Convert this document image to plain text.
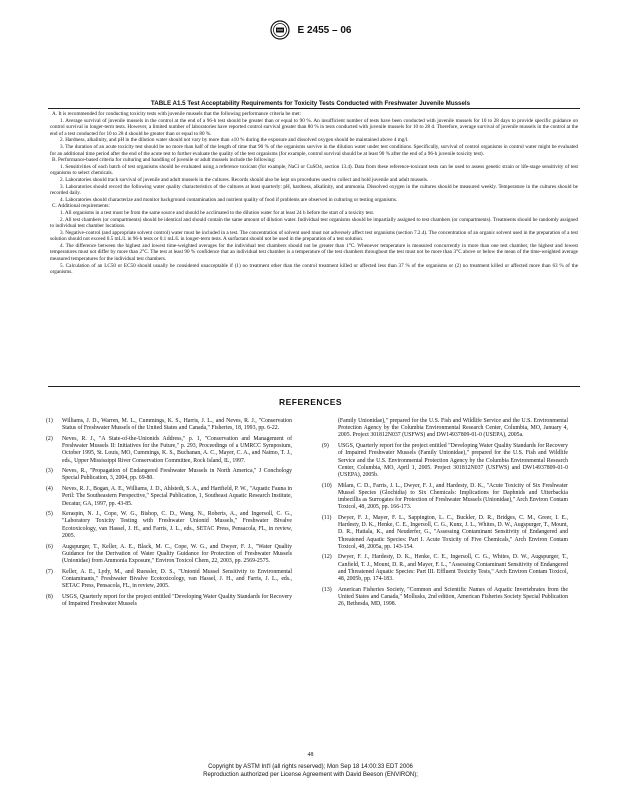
E 2455 – 06
TABLE A1.5 Test Acceptability Requirements for Toxicity Tests Conducted with Freshwater Juvenile Mussels

A. It is recommended for conducting toxicity tests with juvenile mussels that the following performance criteria be met:

1. Average survival of juvenile mussels in the control at the end of a 96-h test should be greater than or equal to 90 %. An insufficient number of tests have been conducted with juvenile mussels for 10 to 28 days to provide specific guidance on control survival in longer-term tests. However, a limited number of laboratories have reported control survival greater than 80 % in tests conducted with juvenile mussels for 10 to 28 d. Therefore, average survival of juvenile mussels in the control at the end of a test conducted for 10 to 28 d should be greater than or equal to 80 %.

2. Hardness, alkalinity, and pH in the dilution water should not vary by more than ±10 % during the exposure and dissolved oxygen should be maintained above 4 mg/l.

3. The duration of an acute toxicity test should be no more than half of the length of time that 90 % of the organisms survive in the dilution water under test conditions. Specifically, survival of control organisms in control water might be evaluated for an additional time period after the end of the acute test to further evaluate the quality of the test organisms (for example, control survival should be at least 90 % after the end of a 96-h juvenile toxicity test).

B. Performance-based criteria for culturing and handling of juvenile or adult mussels include the following:

1. Sensitivities of each batch of test organisms should be evaluated using a reference toxicant (for example, NaCl or CuSO4, section 13.4). Data from these reference-toxicant tests can be used to assess genetic strain or life-stage sensitivity of test organisms to select chemicals.

2. Laboratories should track survival of juvenile and adult mussels in the cultures. Records should also be kept on procedures used to collect and hold juvenile and adult mussels.

3. Laboratories should record the following water quality characteristics of the cultures at least quarterly: pH, hardness, alkalinity, and ammonia. Dissolved oxygen in the cultures should be measured weekly. Temperature in the cultures should be recorded daily.

4. Laboratories should characterize and monitor background contamination and nutrient quality of food if problems are observed in culturing or testing organisms.

C. Additional requirements:

1. All organisms in a test must be from the same source and should be acclimated to the dilution water for at least 24 h before the start of a toxicity test.

2. All test chambers (or compartments) should be identical and should contain the same amount of dilution water. Individual test organisms should be impartially assigned to test chambers (or compartments). Treatments should be randomly assigned to individual test chamber locations.

3. Negative-control (and appropriate solvent control) water must be included in a test. The concentration of solvent used must not adversely affect test organisms (section 7.2.4). The concentration of an organic solvent used in the preparation of a test solution should not exceed 0.5 mL/L in 96-h tests or 0.1 mL/L in longer-term tests. A surfactant should not be used in the preparation of a test solution.

4. The difference between the highest and lowest time-weighted averages for the individual test chambers should not be greater than 1°C. Whenever temperature is measured concurrently in more than one test chamber, the highest and lowest temperatures must not differ by more than 2°C. The test at least 90 % confidence that an individual test chamber is a temperature of the test chambers throughout the test must not be more than 3°C above or below the mean of the time-weighted average measured temperatures for the individual test chambers.

5. Calculation of an LC50 or EC50 should usually be considered unacceptable if (1) no treatment other than the control treatment killed or affected less than 37 % of the organisms or (2) no treatment killed or affected more than 63 % of the organisms.

REFERENCES
(1) Williams, J. D., Warren, M. L., Cummings, K. S., Harris, J. L., and Neves, R. J., "Conservation Status of Freshwater Mussels of the United States and Canada," Fisheries, 18, 1993, pp. 6-22.
(2) Neves, R. J., "A State-of-the-Unionids Address," p. 1, "Conservation and Management of Freshwater Mussels II: Initiatives for the Future," p. 293, Proceedings of a UMRCC Symposium, October 1995, St. Louis, MO, Cummings, K. S., Buchanan, A. C., Mayer, C. A., and Naimo, T. J., eds., Upper Mississippi River Conservation Committee, Rock Island, IL, 1997.
(3) Neves, R., "Propagation of Endangered Freshwater Mussels in North America," J Conchology Special Publication, 3, 2004, pp. 69-80.
(4) Neves, R. J., Bogan, A. E., Williams, J. D., Ahlstedt, S. A., and Hartfield, P. W., "Aquatic Fauna in Peril: The Southeastern Perspective," Special Publication, 1, Southeast Aquatic Research Institute, Decatur, GA, 1997, pp. 43-85.
(5) Keraspin, N. J., Cope, W. G., Bishop, C. D., Wang, N., Roberts, A., and Ingersoll, C. G., "Laboratory Toxicity Testing with Freshwater Unionid Mussels," Freshwater Bivalve Ecotoxicology, van Hassel, J. H., and Farris, J. L., eds., SETAC Press, Pensacola, FL, in review, 2005.
(6) Augspurger, T., Keller, A. E., Black, M. C., Cope, W. G., and Dwyer, F. J., "Water Quality Guidance for the Derivation of Water Quality Guidance for Protection of Freshwater Mussels (Unionidae) from Ammonia Exposure," Environ Toxicol Chem, 22, 2003, pp. 2569-2575.
(7) Keller, A. E., Lydy, M., and Ruessler, D. S., "Unionid Mussel Sensitivity to Environmental Contaminants," Freshwater Bivalve Ecotoxicology, van Hassel, J. H., and Farris, J. L., eds., SETAC Press, Pensacola, FL, in review, 2005.
(8) USGS, Quarterly report for the project entitled "Developing Water Quality Standards for Recovery of Impaired Freshwater Mussels
(Family Unionidae)," prepared for the U.S. Fish and Wildlife Service and the U.S. Environmental Protection Agency by the Columbia Environmental Research Center, Columbia, MO, January 4, 2005. Project 301812N037 (USFWS) and DW14937809-01-0 (USEPA), 2005a.
(9) USGS, Quarterly report for the project entitled "Developing Water Quality Standards for Recovery of Impaired Freshwater Mussels (Family Unionidae)," prepared for the U.S. Fish and Wildlife Service and the U.S. Environmental Protection Agency by the Columbia Environmental Research Center, Columbia, MO, April 1, 2005. Project 301812N037 (USFWS) and DW14937809-01-0 (USEPA), 2005b.
(10) Milam, C. D., Farris, J. L., Dwyer, F. J., and Hardesty, D. K., "Acute Toxicity of Six Freshwater Mussel Species (Glochidia) to Six Chemicals: Implications for Daphnids and Utterbackia imbecillis as Surrogates for Protection of Freshwater Mussels (Unionidae)," Arch Environ Contam Toxicol, 48, 2005, pp. 166-173.
(11) Dwyer, F. J., Mayer, F. L., Sappington, L. C., Buckler, D. R., Bridges, C. M., Greer, I. E., Hardesty, D. K., Henke, C. E., Ingersoll, C. G., Kunz, J. L., Whites, D. W., Augspurger, T., Mount, D. R., Hattala, K., and Neuderfer, G., "Assessing Contaminant Sensitivity of Endangered and Threatened Aquatic Species: Part I. Acute Toxicity of Five Chemicals," Arch Environ Contam Toxicol, 48, 2005a, pp. 143-154.
(12) Dwyer, F. J., Hardesty, D. K., Henke, C. E., Ingersoll, C. G., Whites, D. W., Augspurger, T., Canfield, T. J., Mount, D. R., and Mayer, F. L., "Assessing Contaminant Sensitivity of Endangered and Threatened Aquatic Species: Part III. Effluent Toxicity Tests," Arch Environ Contam Toxicol, 48, 2005b, pp. 174-183.
(13) American Fisheries Society, "Common and Scientific Names of Aquatic Invertebrates from the United States and Canada," Mollusks, 2nd edition, American Fisheries Society Special Publication 26, Bethesda, MD, 1998.
48
Copyright by ASTM Int'l (all rights reserved); Mon Sep 18 14:00:33 EDT 2006
Reproduction authorized per License Agreement with David Beeson (ENVIRON);
